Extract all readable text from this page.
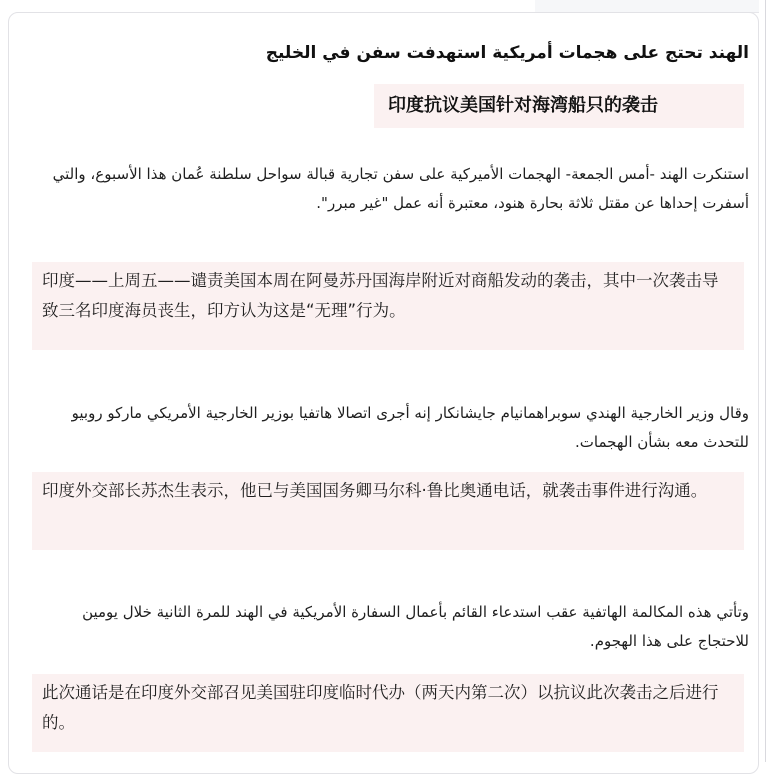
الهند تحتج على هجمات أمريكية استهدفت سفن في الخليج
印度抗议美国针对海湾船只的袭击
استنكرت الهند -أمس الجمعة- الهجمات الأميركية على سفن تجارية قبالة سواحل سلطنة عُمان هذا الأسبوع، والتي أسفرت إحداها عن مقتل ثلاثة بحارة هنود، معتبرة أنه عمل "غير مبرر".
印度——上周五——谴责美国本周在阿曼苏丹国海岸附近对商船发动的袭击，其中一次袭击导致三名印度海员丧生，印方认为这是“无理”行为。
وقال وزير الخارجية الهندي سوبراهمانيام جايشانكار إنه أجرى اتصالا هاتفيا بوزير الخارجية الأمريكي ماركو روبيو للتحدث معه بشأن الهجمات.
印度外交部长苏杰生表示，他已与美国国务卿马尔科·鲁比奥通电话，就袭击事件进行沟通。
وتأتي هذه المكالمة الهاتفية عقب استدعاء القائم بأعمال السفارة الأمريكية في الهند للمرة الثانية خلال يومين للاحتجاج على هذا الهجوم.
此次通话是在印度外交部召见美国驻印度临时代办（两天内第二次）以抗议此次袭击之后进行的。
